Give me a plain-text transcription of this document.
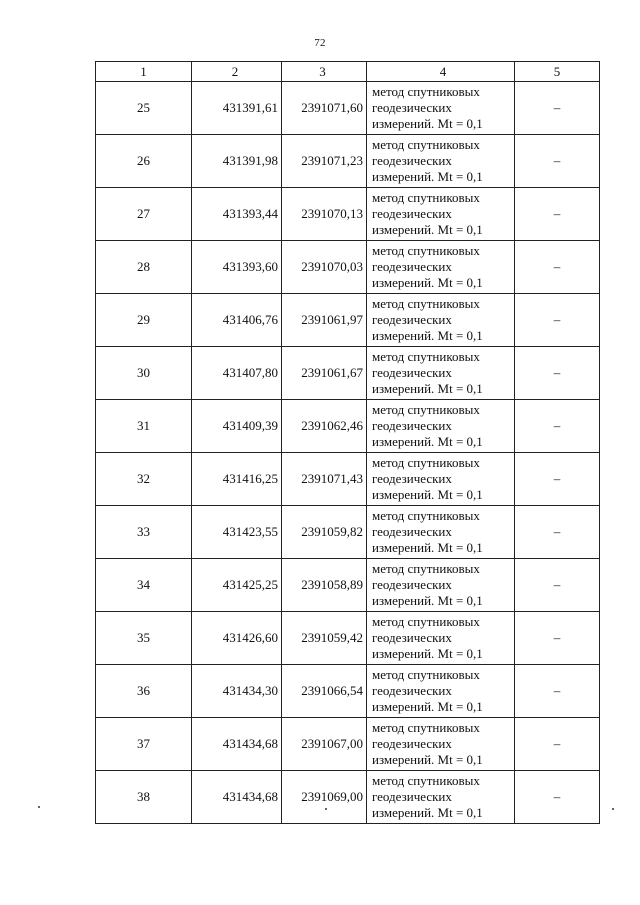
72
1	2	3	4	5
25	431391,61	2391071,60	метод спутниковых
геодезических
измерений. Mt = 0,1	–
26	431391,98	2391071,23	метод спутниковых
геодезических
измерений. Mt = 0,1	–
27	431393,44	2391070,13	метод спутниковых
геодезических
измерений. Mt = 0,1	–
28	431393,60	2391070,03	метод спутниковых
геодезических
измерений. Mt = 0,1	–
29	431406,76	2391061,97	метод спутниковых
геодезических
измерений. Mt = 0,1	–
30	431407,80	2391061,67	метод спутниковых
геодезических
измерений. Mt = 0,1	–
31	431409,39	2391062,46	метод спутниковых
геодезических
измерений. Mt = 0,1	–
32	431416,25	2391071,43	метод спутниковых
геодезических
измерений. Mt = 0,1	–
33	431423,55	2391059,82	метод спутниковых
геодезических
измерений. Mt = 0,1	–
34	431425,25	2391058,89	метод спутниковых
геодезических
измерений. Mt = 0,1	–
35	431426,60	2391059,42	метод спутниковых
геодезических
измерений. Mt = 0,1	–
36	431434,30	2391066,54	метод спутниковых
геодезических
измерений. Mt = 0,1	–
37	431434,68	2391067,00	метод спутниковых
геодезических
измерений. Mt = 0,1	–
38	431434,68	2391069,00	метод спутниковых
геодезических
измерений. Mt = 0,1	–
